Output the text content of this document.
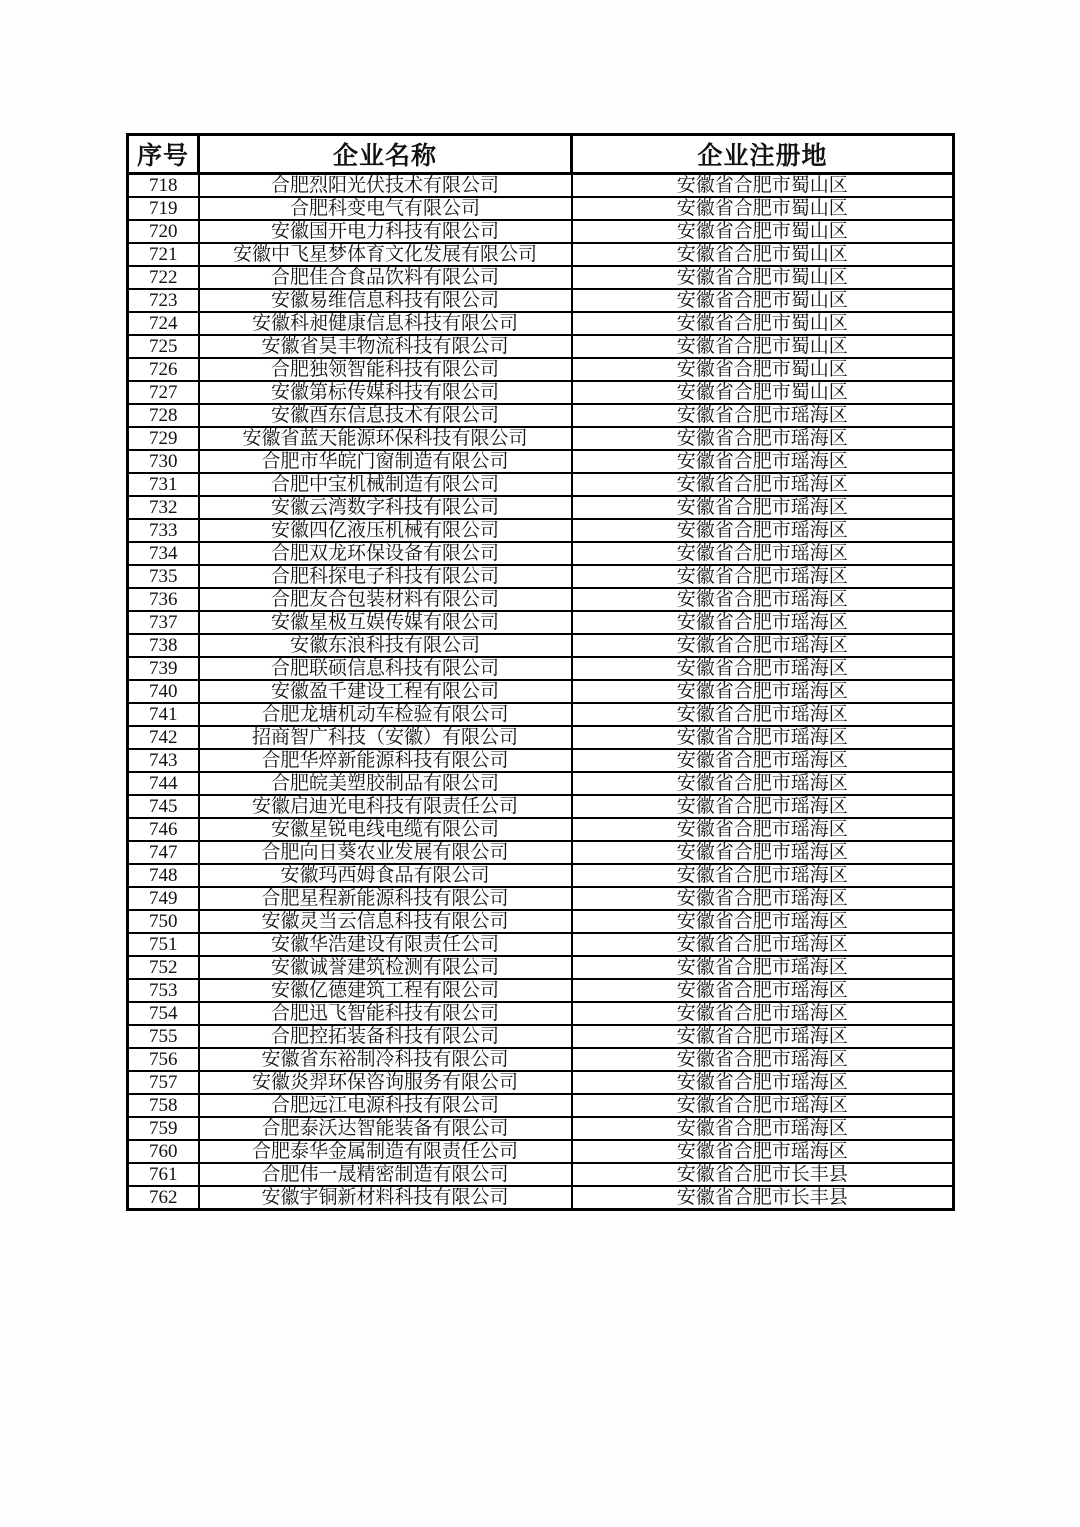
序号	企业名称	企业注册地
718	合肥烈阳光伏技术有限公司	安徽省合肥市蜀山区
719	合肥科变电气有限公司	安徽省合肥市蜀山区
720	安徽国开电力科技有限公司	安徽省合肥市蜀山区
721	安徽中飞星梦体育文化发展有限公司	安徽省合肥市蜀山区
722	合肥佳合食品饮料有限公司	安徽省合肥市蜀山区
723	安徽易维信息科技有限公司	安徽省合肥市蜀山区
724	安徽科昶健康信息科技有限公司	安徽省合肥市蜀山区
725	安徽省昊丰物流科技有限公司	安徽省合肥市蜀山区
726	合肥独领智能科技有限公司	安徽省合肥市蜀山区
727	安徽第标传媒科技有限公司	安徽省合肥市蜀山区
728	安徽酉东信息技术有限公司	安徽省合肥市瑶海区
729	安徽省蓝天能源环保科技有限公司	安徽省合肥市瑶海区
730	合肥市华皖门窗制造有限公司	安徽省合肥市瑶海区
731	合肥中宝机械制造有限公司	安徽省合肥市瑶海区
732	安徽云湾数字科技有限公司	安徽省合肥市瑶海区
733	安徽四亿液压机械有限公司	安徽省合肥市瑶海区
734	合肥双龙环保设备有限公司	安徽省合肥市瑶海区
735	合肥科探电子科技有限公司	安徽省合肥市瑶海区
736	合肥友合包装材料有限公司	安徽省合肥市瑶海区
737	安徽星极互娱传媒有限公司	安徽省合肥市瑶海区
738	安徽东浪科技有限公司	安徽省合肥市瑶海区
739	合肥联硕信息科技有限公司	安徽省合肥市瑶海区
740	安徽盈千建设工程有限公司	安徽省合肥市瑶海区
741	合肥龙塘机动车检验有限公司	安徽省合肥市瑶海区
742	招商智广科技（安徽）有限公司	安徽省合肥市瑶海区
743	合肥华焠新能源科技有限公司	安徽省合肥市瑶海区
744	合肥皖美塑胶制品有限公司	安徽省合肥市瑶海区
745	安徽启迪光电科技有限责任公司	安徽省合肥市瑶海区
746	安徽星锐电线电缆有限公司	安徽省合肥市瑶海区
747	合肥向日葵农业发展有限公司	安徽省合肥市瑶海区
748	安徽玛西姆食品有限公司	安徽省合肥市瑶海区
749	合肥星程新能源科技有限公司	安徽省合肥市瑶海区
750	安徽灵当云信息科技有限公司	安徽省合肥市瑶海区
751	安徽华浩建设有限责任公司	安徽省合肥市瑶海区
752	安徽诚誉建筑检测有限公司	安徽省合肥市瑶海区
753	安徽亿德建筑工程有限公司	安徽省合肥市瑶海区
754	合肥迅飞智能科技有限公司	安徽省合肥市瑶海区
755	合肥控拓装备科技有限公司	安徽省合肥市瑶海区
756	安徽省东裕制冷科技有限公司	安徽省合肥市瑶海区
757	安徽炎羿环保咨询服务有限公司	安徽省合肥市瑶海区
758	合肥远江电源科技有限公司	安徽省合肥市瑶海区
759	合肥泰沃达智能装备有限公司	安徽省合肥市瑶海区
760	合肥泰华金属制造有限责任公司	安徽省合肥市瑶海区
761	合肥伟一晟精密制造有限公司	安徽省合肥市长丰县
762	安徽宇铜新材料科技有限公司	安徽省合肥市长丰县
